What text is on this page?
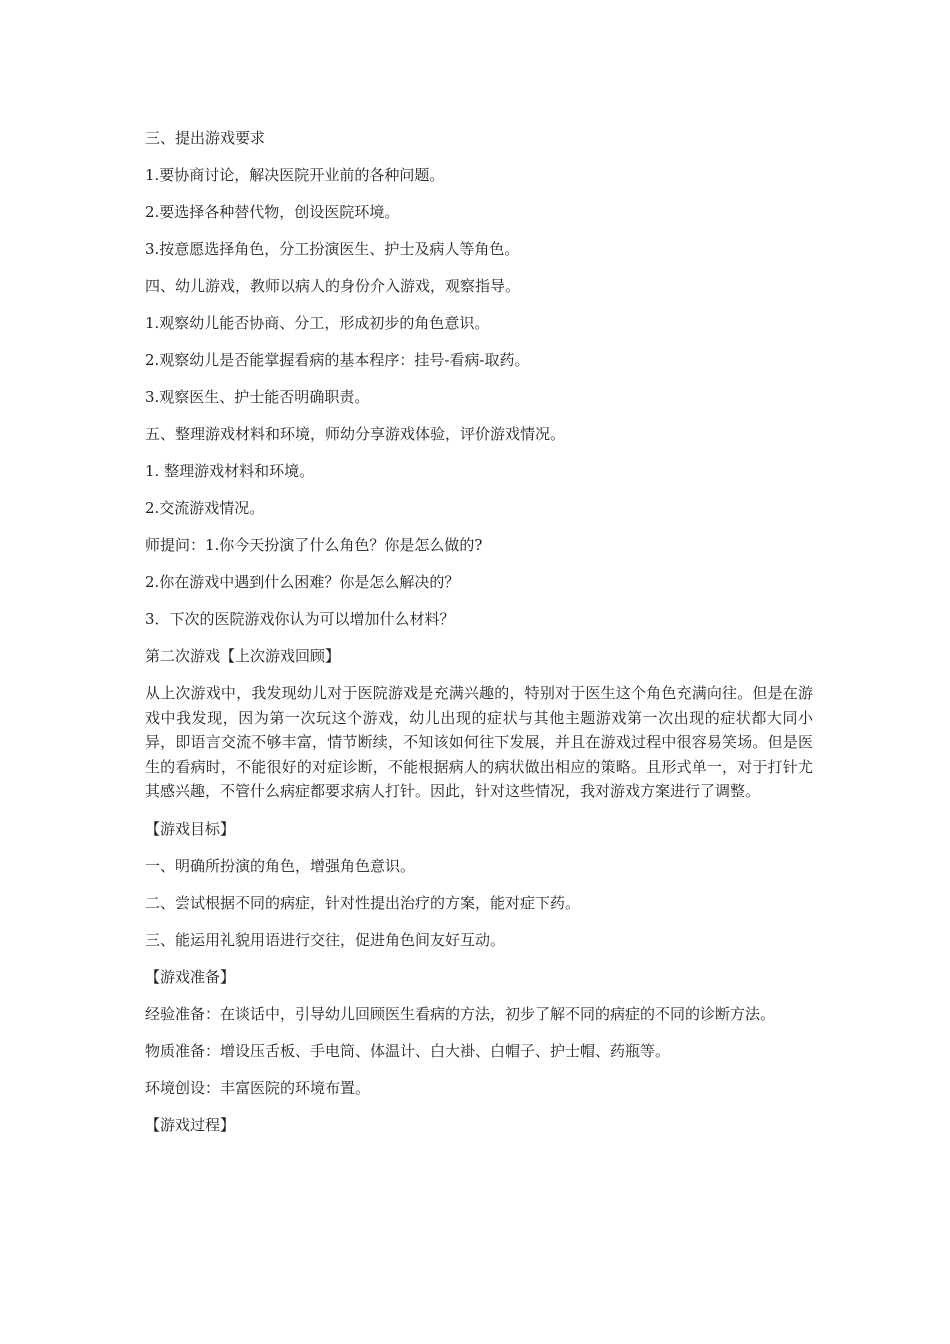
三、提出游戏要求

1.要协商讨论，解决医院开业前的各种问题。

2.要选择各种替代物，创设医院环境。

3.按意愿选择角色，分工扮演医生、护士及病人等角色。

四、幼儿游戏，教师以病人的身份介入游戏，观察指导。

1.观察幼儿能否协商、分工，形成初步的角色意识。

2.观察幼儿是否能掌握看病的基本程序：挂号-看病-取药。

3.观察医生、护士能否明确职责。

五、整理游戏材料和环境，师幼分享游戏体验，评价游戏情况。

1. 整理游戏材料和环境。

2.交流游戏情况。

师提问：1.你今天扮演了什么角色？你是怎么做的?

2.你在游戏中遇到什么困难？你是怎么解决的？

3．下次的医院游戏你认为可以增加什么材料？

第二次游戏【上次游戏回顾】

从上次游戏中，我发现幼儿对于医院游戏是充满兴趣的，特别对于医生这个角色充满向往。但是在游戏中我发现，因为第一次玩这个游戏，幼儿出现的症状与其他主题游戏第一次出现的症状都大同小异，即语言交流不够丰富，情节断续，不知该如何往下发展，并且在游戏过程中很容易笑场。但是医生的看病时，不能很好的对症诊断，不能根据病人的病状做出相应的策略。且形式单一，对于打针尤其感兴趣，不管什么病症都要求病人打针。因此，针对这些情况，我对游戏方案进行了调整。

【游戏目标】

一、明确所扮演的角色，增强角色意识。

二、尝试根据不同的病症，针对性提出治疗的方案，能对症下药。

三、能运用礼貌用语进行交往，促进角色间友好互动。

【游戏准备】

经验准备：在谈话中，引导幼儿回顾医生看病的方法，初步了解不同的病症的不同的诊断方法。

物质准备：增设压舌板、手电筒、体温计、白大褂、白帽子、护士帽、药瓶等。

环境创设：丰富医院的环境布置。

【游戏过程】
